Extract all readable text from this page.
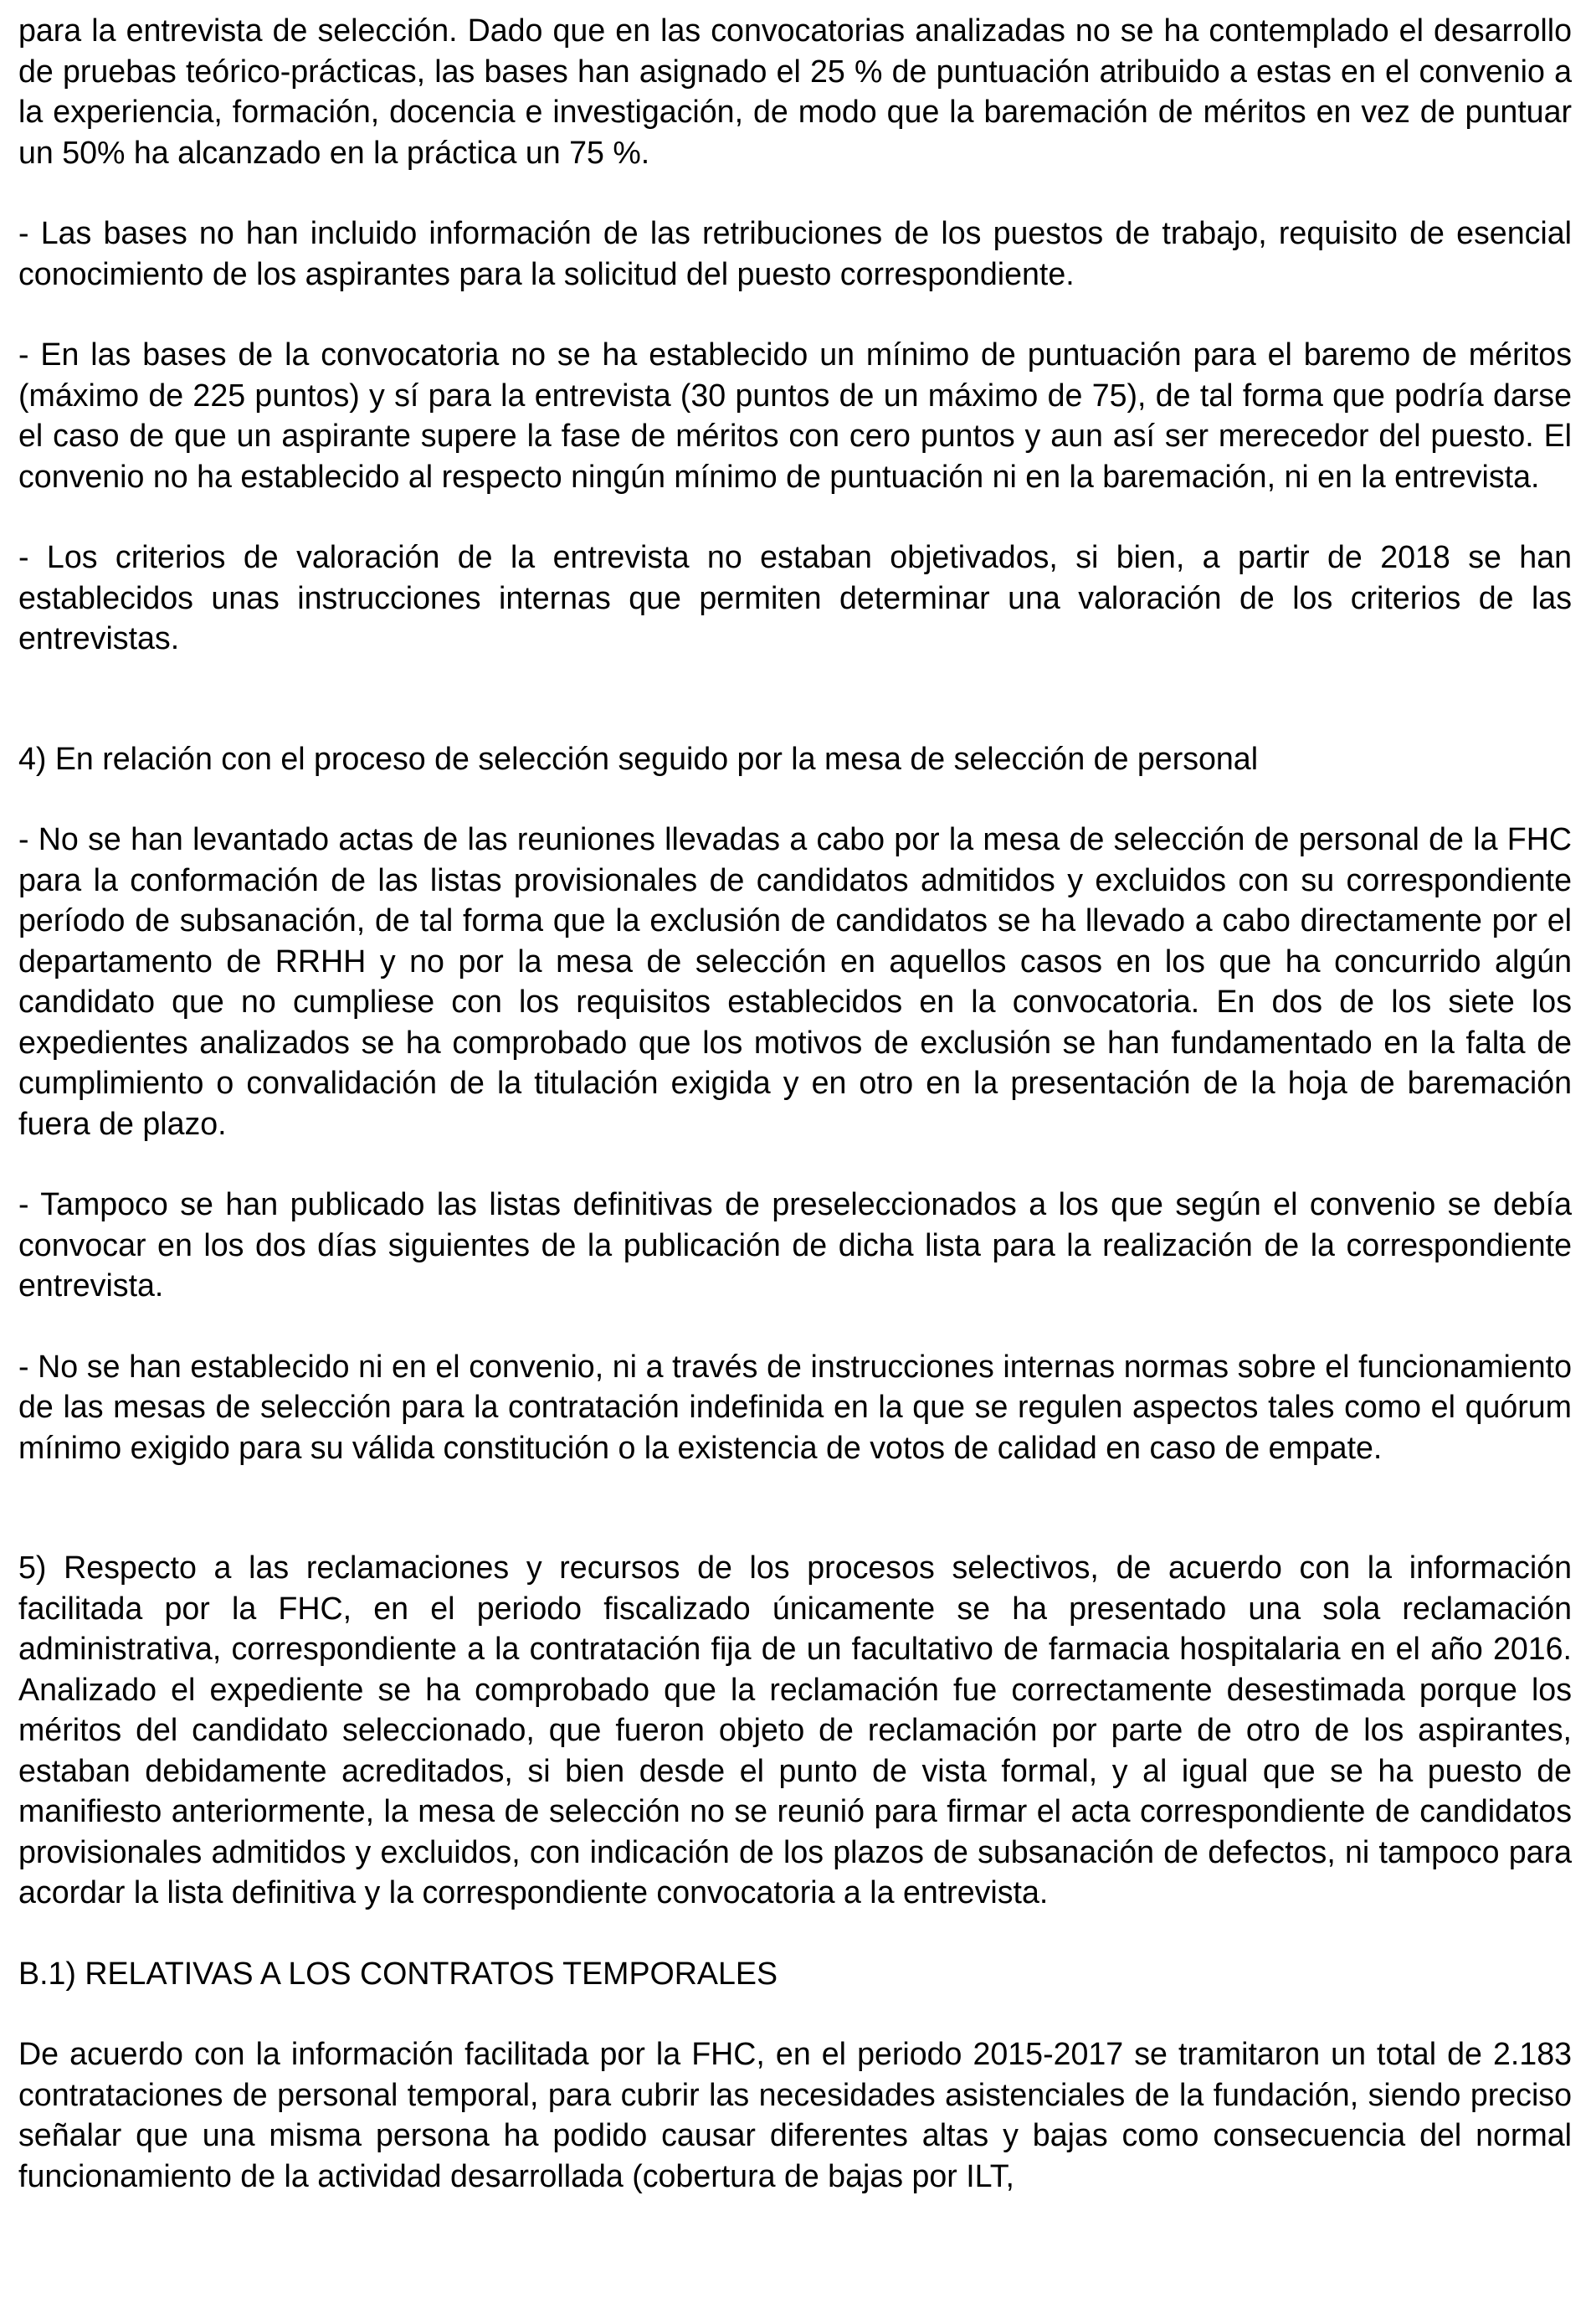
para la entrevista de selección. Dado que en las convocatorias analizadas no se ha contemplado el desarrollo de pruebas teórico-prácticas, las bases han asignado el 25 % de puntuación atribuido a estas en el convenio a la experiencia, formación, docencia e investigación, de modo que la baremación de méritos en vez de puntuar un 50% ha alcanzado en la práctica un 75 %.

- Las bases no han incluido información de las retribuciones de los puestos de trabajo, requisito de esencial conocimiento de los aspirantes para la solicitud del puesto correspondiente.

- En las bases de la convocatoria no se ha establecido un mínimo de puntuación para el baremo de méritos (máximo de 225 puntos) y sí para la entrevista (30 puntos de un máximo de 75), de tal forma que podría darse el caso de que un aspirante supere la fase de méritos con cero puntos y aun así ser merecedor del puesto. El convenio no ha establecido al respecto ningún mínimo de puntuación ni en la baremación, ni en la entrevista.

- Los criterios de valoración de la entrevista no estaban objetivados, si bien, a partir de 2018 se han establecidos unas instrucciones internas que permiten determinar una valoración de los criterios de las entrevistas.

4) En relación con el proceso de selección seguido por la mesa de selección de personal

- No se han levantado actas de las reuniones llevadas a cabo por la mesa de selección de personal de la FHC para la conformación de las listas provisionales de candidatos admitidos y excluidos con su correspondiente período de subsanación, de tal forma que la exclusión de candidatos se ha llevado a cabo directamente por el departamento de RRHH y no por la mesa de selección en aquellos casos en los que ha concurrido algún candidato que no cumpliese con los requisitos establecidos en la convocatoria. En dos de los siete los expedientes analizados se ha comprobado que los motivos de exclusión se han fundamentado en la falta de cumplimiento o convalidación de la titulación exigida y en otro en la presentación de la hoja de baremación fuera de plazo.

- Tampoco se han publicado las listas definitivas de preseleccionados a los que según el convenio se debía convocar en los dos días siguientes de la publicación de dicha lista para la realización de la correspondiente entrevista.

- No se han establecido ni en el convenio, ni a través de instrucciones internas normas sobre el funcionamiento de las mesas de selección para la contratación indefinida en la que se regulen aspectos tales como el quórum mínimo exigido para su válida constitución o la existencia de votos de calidad en caso de empate.

5) Respecto a las reclamaciones y recursos de los procesos selectivos, de acuerdo con la información facilitada por la FHC, en el periodo fiscalizado únicamente se ha presentado una sola reclamación administrativa, correspondiente a la contratación fija de un facultativo de farmacia hospitalaria en el año 2016. Analizado el expediente se ha comprobado que la reclamación fue correctamente desestimada porque los méritos del candidato seleccionado, que fueron objeto de reclamación por parte de otro de los aspirantes, estaban debidamente acreditados, si bien desde el punto de vista formal, y al igual que se ha puesto de manifiesto anteriormente, la mesa de selección no se reunió para firmar el acta correspondiente de candidatos provisionales admitidos y excluidos, con indicación de los plazos de subsanación de defectos, ni tampoco para acordar la lista definitiva y la correspondiente convocatoria a la entrevista.

B.1) RELATIVAS A LOS CONTRATOS TEMPORALES

De acuerdo con la información facilitada por la FHC, en el periodo 2015-2017 se tramitaron un total de 2.183 contrataciones de personal temporal, para cubrir las necesidades asistenciales de la fundación, siendo preciso señalar que una misma persona ha podido causar diferentes altas y bajas como consecuencia del normal funcionamiento de la actividad desarrollada (cobertura de bajas por ILT,
